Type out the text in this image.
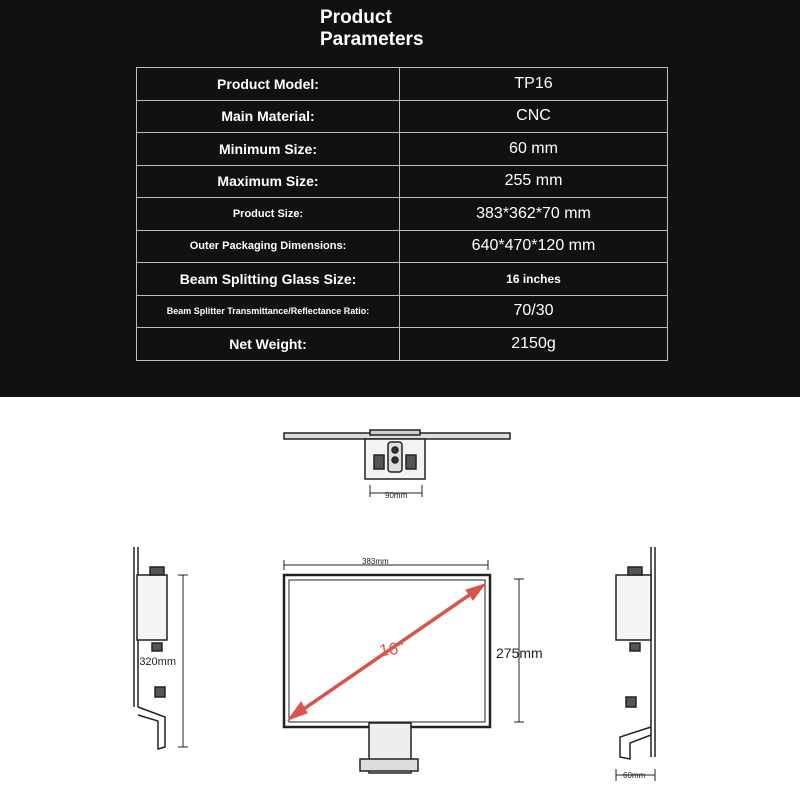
Product
Parameters
Product Model:	TP16
Main Material:	CNC
Minimum Size:	60 mm
Maximum Size:	255 mm
Product Size:	383*362*70 mm
Outer Packaging Dimensions:	640*470*120 mm
Beam Splitting Glass Size:	16 inches
Beam Splitter Transmittance/Reflectance Ratio:	70/30
Net Weight:	2150g
90mm
320mm
383mm
16"	275mm
60mm
